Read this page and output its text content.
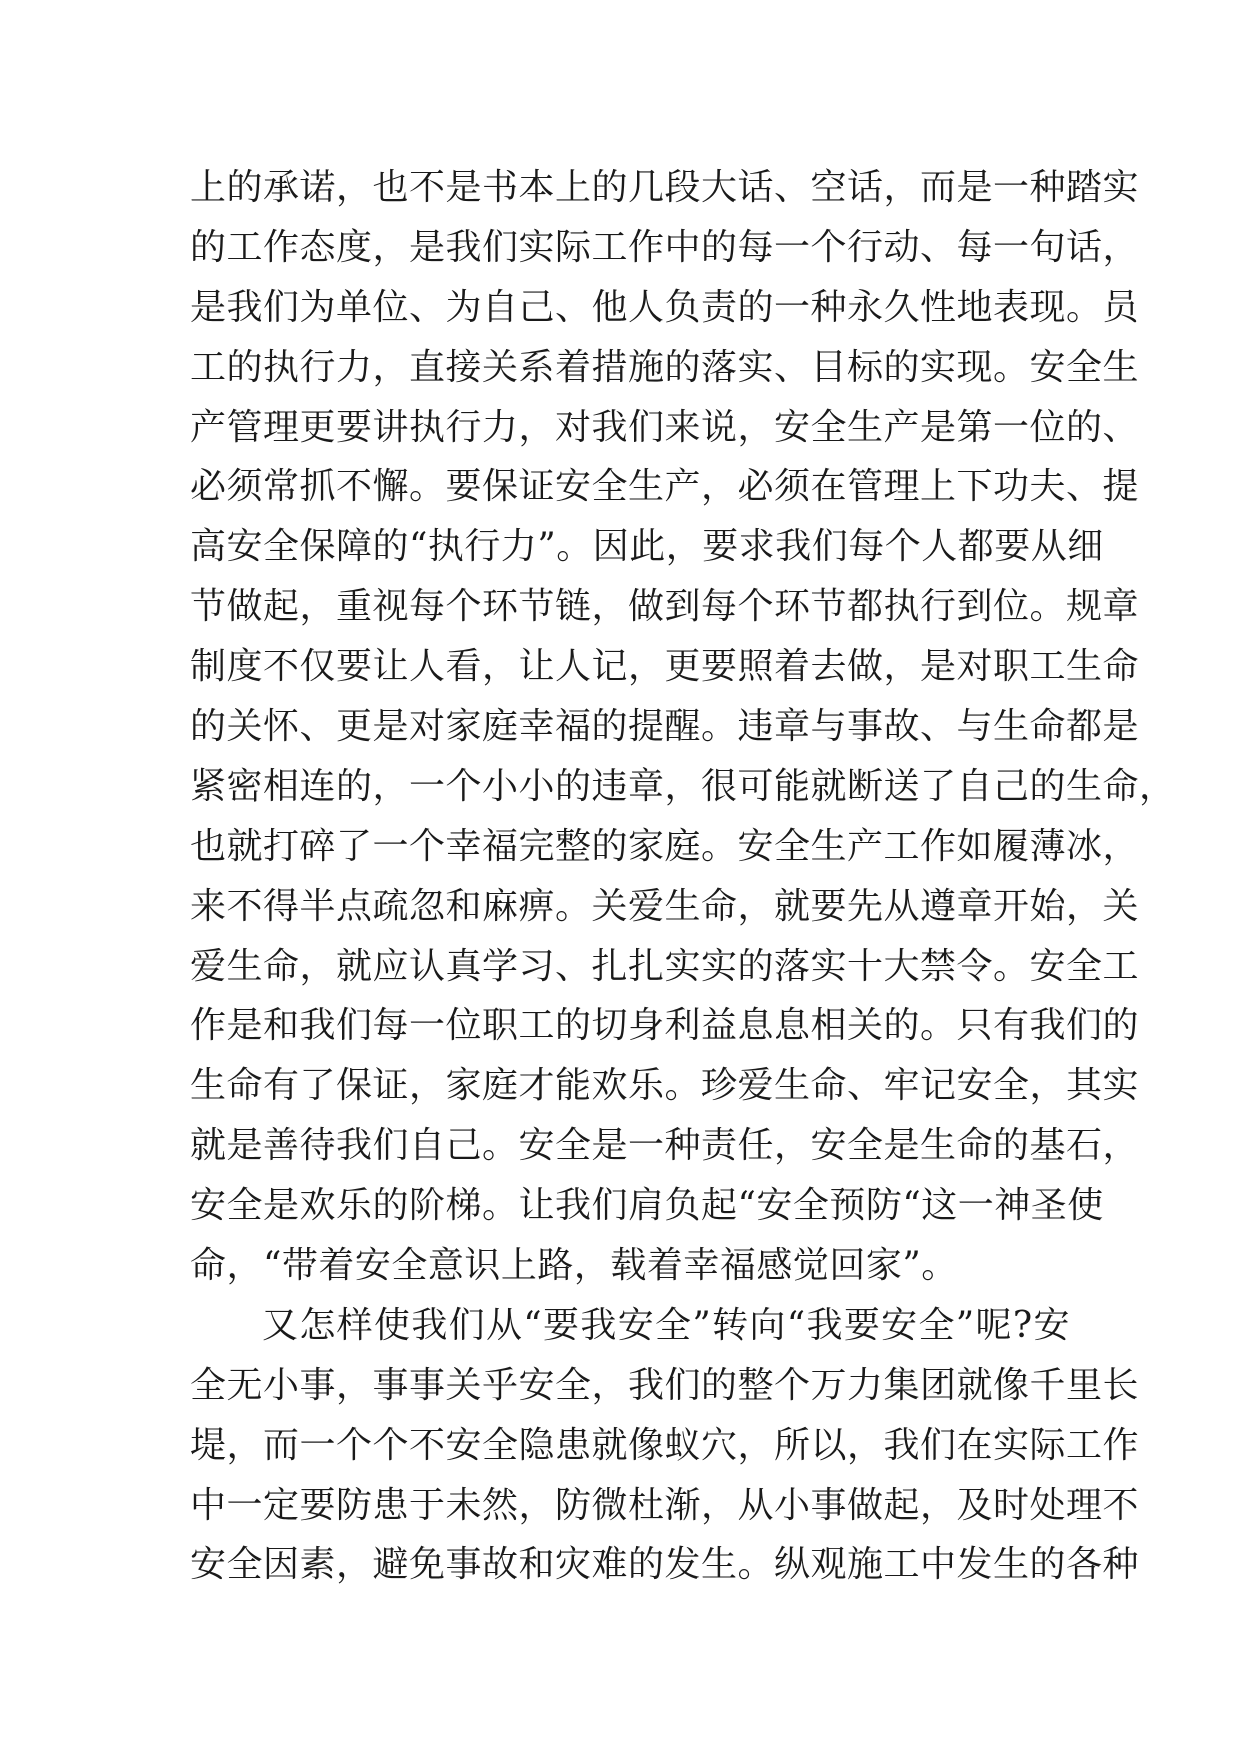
上的承诺，也不是书本上的几段大话、空话，而是一种踏实
的工作态度，是我们实际工作中的每一个行动、每一句话，
是我们为单位、为自己、他人负责的一种永久性地表现。员
工的执行力，直接关系着措施的落实、目标的实现。安全生
产管理更要讲执行力，对我们来说，安全生产是第一位的、
必须常抓不懈。要保证安全生产，必须在管理上下功夫、提
高安全保障的“执行力”。因此，要求我们每个人都要从细
节做起，重视每个环节链，做到每个环节都执行到位。规章
制度不仅要让人看，让人记，更要照着去做，是对职工生命
的关怀、更是对家庭幸福的提醒。违章与事故、与生命都是
紧密相连的，一个小小的违章，很可能就断送了自己的生命，
也就打碎了一个幸福完整的家庭。安全生产工作如履薄冰，
来不得半点疏忽和麻痹。关爱生命，就要先从遵章开始，关
爱生命，就应认真学习、扎扎实实的落实十大禁令。安全工
作是和我们每一位职工的切身利益息息相关的。只有我们的
生命有了保证，家庭才能欢乐。珍爱生命、牢记安全，其实
就是善待我们自己。安全是一种责任，安全是生命的基石，
安全是欢乐的阶梯。让我们肩负起“安全预防“这一神圣使
命，“带着安全意识上路，载着幸福感觉回家”。
又怎样使我们从“要我安全”转向“我要安全”呢?安
全无小事，事事关乎安全，我们的整个万力集团就像千里长
堤，而一个个不安全隐患就像蚁穴，所以，我们在实际工作
中一定要防患于未然，防微杜渐，从小事做起，及时处理不
安全因素，避免事故和灾难的发生。纵观施工中发生的各种
